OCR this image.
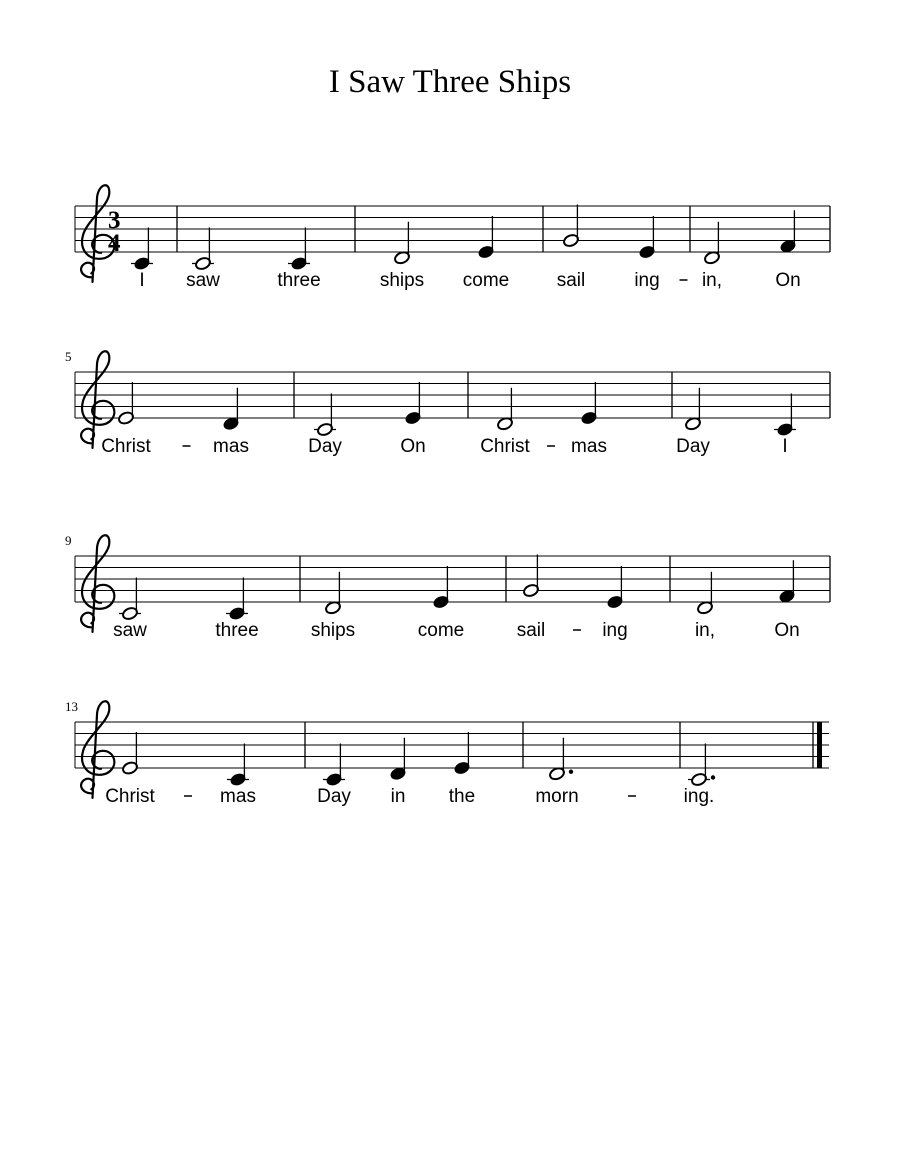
I Saw Three Ships
3
4
I saw	three	ships come	sail	ing in,	On
5
Christ	mas	Day	On	Christ mas	Day	I
9
saw	three	ships	come	sail	ing	in,	On
13
Christ	mas	Day in the	morn	ing.
